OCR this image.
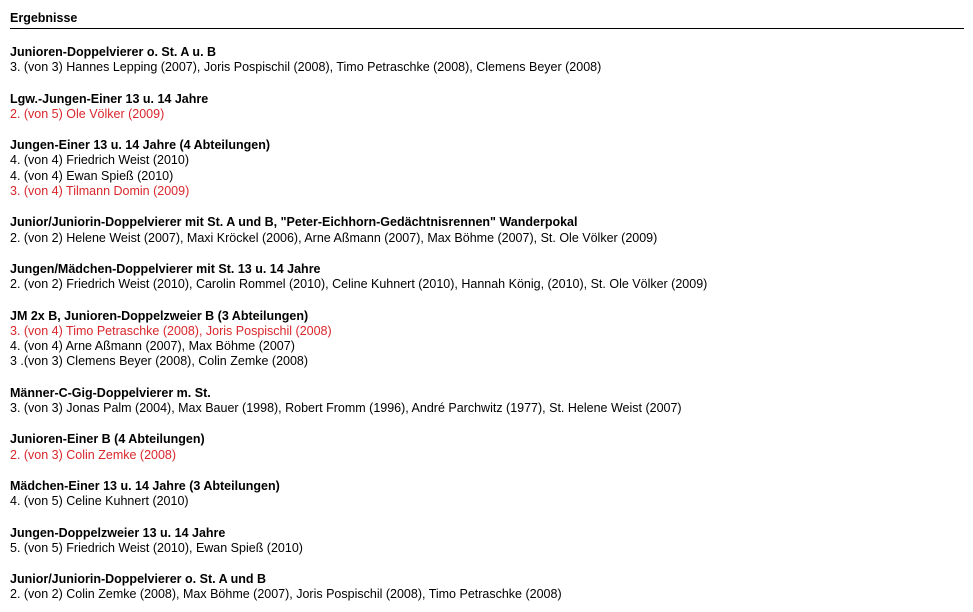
Ergebnisse
Junioren-Doppelvierer o. St. A u. B
3. (von 3) Hannes Lepping (2007), Joris Pospischil (2008), Timo Petraschke (2008), Clemens Beyer (2008)
Lgw.-Jungen-Einer 13 u. 14 Jahre
2. (von 5) Ole Völker (2009)
Jungen-Einer 13 u. 14 Jahre (4 Abteilungen)
4. (von 4) Friedrich Weist (2010)
4. (von 4) Ewan Spieß (2010)
3. (von 4) Tilmann Domin (2009)
Junior/Juniorin-Doppelvierer mit St. A und B, "Peter-Eichhorn-Gedächtnisrennen" Wanderpokal
2. (von 2) Helene Weist (2007), Maxi Kröckel (2006), Arne Aßmann (2007), Max Böhme (2007), St. Ole Völker (2009)
Jungen/Mädchen-Doppelvierer mit St. 13 u. 14 Jahre
2. (von 2) Friedrich Weist (2010), Carolin Rommel (2010), Celine Kuhnert (2010), Hannah König, (2010), St. Ole Völker (2009)
JM 2x B, Junioren-Doppelzweier B (3 Abteilungen)
3. (von 4) Timo Petraschke (2008), Joris Pospischil (2008)
4. (von 4) Arne Aßmann (2007), Max Böhme (2007)
3 .(von 3) Clemens Beyer (2008), Colin Zemke (2008)
Männer-C-Gig-Doppelvierer m. St.
3. (von 3) Jonas Palm (2004), Max Bauer (1998), Robert Fromm (1996), André Parchwitz (1977), St. Helene Weist (2007)
Junioren-Einer B (4 Abteilungen)
2. (von 3) Colin Zemke (2008)
Mädchen-Einer 13 u. 14 Jahre (3 Abteilungen)
4. (von 5) Celine Kuhnert (2010)
Jungen-Doppelzweier 13 u. 14 Jahre
5. (von 5) Friedrich Weist (2010), Ewan Spieß (2010)
Junior/Juniorin-Doppelvierer o. St. A und B
2. (von 2) Colin Zemke (2008), Max Böhme (2007), Joris Pospischil (2008), Timo Petraschke (2008)
